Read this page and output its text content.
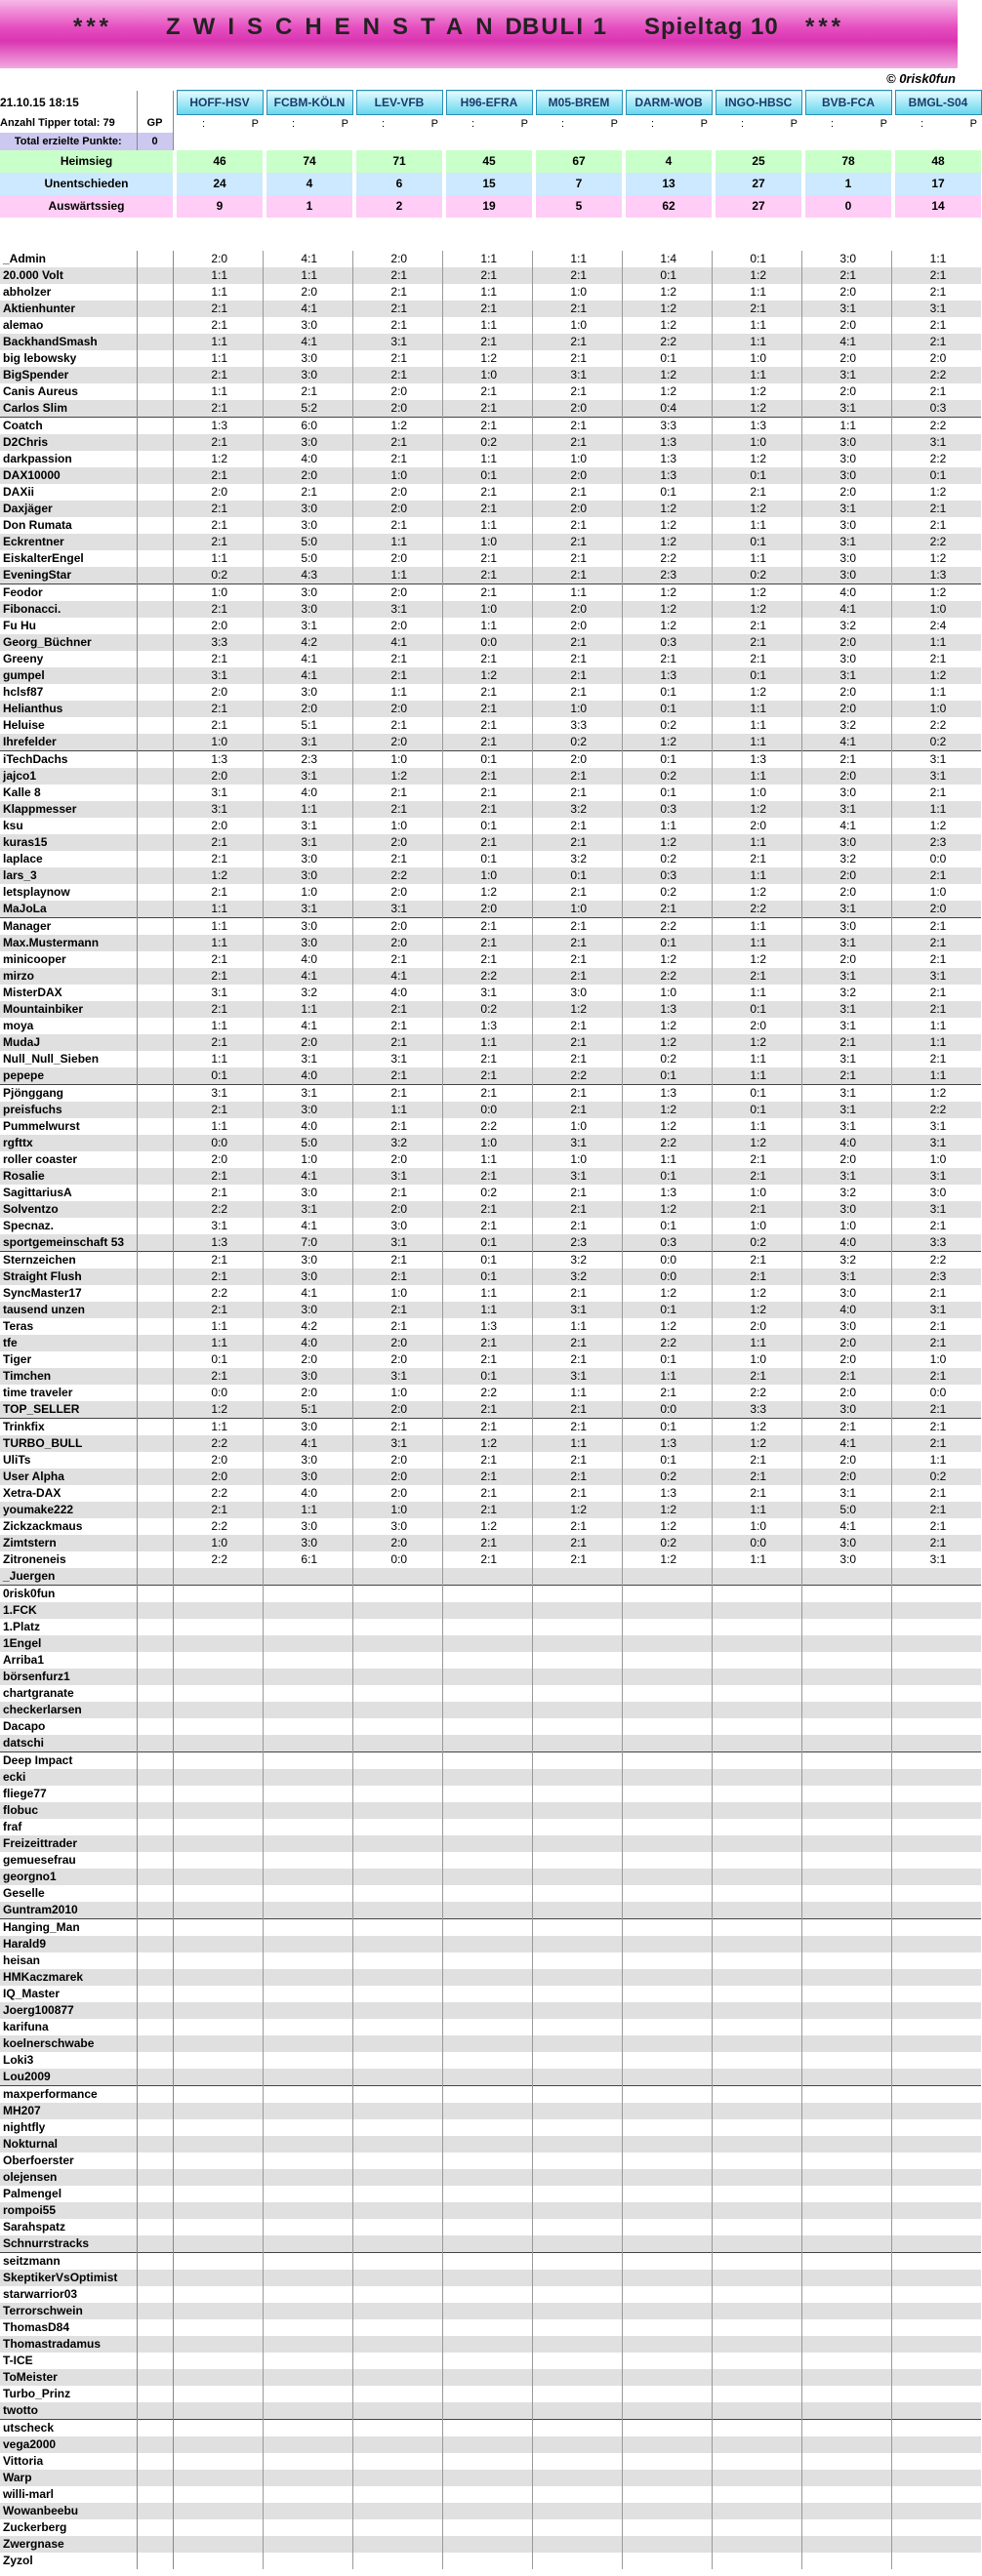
*** ZWISCHENSTAND
BULI 1 Spieltag 10 ***
© 0risk0fun
21.10.15 18:15			HOFF-HSV		FCBM-KÖLN		LEV-VFB		H96-EFRA		M05-BREM		DARM-WOB		INGO-HBSC		BVB-FCA		BMGL-S04
Anzahl Tipper total: 79	GP		: P		: P		: P		: P		: P		: P		: P		: P		: P
Total erzielte Punkte:	0																		
Heimsieg			46		74		71		45		67		4		25		78		48
Unentschieden			24		4		6		15		7		13		27		1		17
Auswärtssieg			9		1		2		19		5		62		27		0		14

_Admin			2:0		4:1		2:0		1:1		1:1		1:4		0:1		3:0		1:1
20.000 Volt			1:1		1:1		2:1		2:1		2:1		0:1		1:2		2:1		2:1
abholzer			1:1		2:0		2:1		1:1		1:0		1:2		1:1		2:0		2:1
Aktienhunter			2:1		4:1		2:1		2:1		2:1		1:2		2:1		3:1		3:1
alemao			2:1		3:0		2:1		1:1		1:0		1:2		1:1		2:0		2:1
BackhandSmash			1:1		4:1		3:1		2:1		2:1		2:2		1:1		4:1		2:1
big lebowsky			1:1		3:0		2:1		1:2		2:1		0:1		1:0		2:0		2:0
BigSpender			2:1		3:0		2:1		1:0		3:1		1:2		1:1		3:1		2:2
Canis Aureus			1:1		2:1		2:0		2:1		2:1		1:2		1:2		2:0		2:1
Carlos Slim			2:1		5:2		2:0		2:1		2:0		0:4		1:2		3:1		0:3
Coatch			1:3		6:0		1:2		2:1		2:1		3:3		1:3		1:1		2:2
D2Chris			2:1		3:0		2:1		0:2		2:1		1:3		1:0		3:0		3:1
darkpassion			1:2		4:0		2:1		1:1		1:0		1:3		1:2		3:0		2:2
DAX10000			2:1		2:0		1:0		0:1		2:0		1:3		0:1		3:0		0:1
DAXii			2:0		2:1		2:0		2:1		2:1		0:1		2:1		2:0		1:2
Daxjäger			2:1		3:0		2:0		2:1		2:0		1:2		1:2		3:1		2:1
Don Rumata			2:1		3:0		2:1		1:1		2:1		1:2		1:1		3:0		2:1
Eckrentner			2:1		5:0		1:1		1:0		2:1		1:2		0:1		3:1		2:2
EiskalterEngel			1:1		5:0		2:0		2:1		2:1		2:2		1:1		3:0		1:2
EveningStar			0:2		4:3		1:1		2:1		2:1		2:3		0:2		3:0		1:3
Feodor			1:0		3:0		2:0		2:1		1:1		1:2		1:2		4:0		1:2
Fibonacci.			2:1		3:0		3:1		1:0		2:0		1:2		1:2		4:1		1:0
Fu Hu			2:0		3:1		2:0		1:1		2:0		1:2		2:1		3:2		2:4
Georg_Büchner			3:3		4:2		4:1		0:0		2:1		0:3		2:1		2:0		1:1
Greeny			2:1		4:1		2:1		2:1		2:1		2:1		2:1		3:0		2:1
gumpel			3:1		4:1		2:1		1:2		2:1		1:3		0:1		3:1		1:2
hclsf87			2:0		3:0		1:1		2:1		2:1		0:1		1:2		2:0		1:1
Helianthus			2:1		2:0		2:0		2:1		1:0		0:1		1:1		2:0		1:0
Heluise			2:1		5:1		2:1		2:1		3:3		0:2		1:1		3:2		2:2
Ihrefelder			1:0		3:1		2:0		2:1		0:2		1:2		1:1		4:1		0:2
iTechDachs			1:3		2:3		1:0		0:1		2:0		0:1		1:3		2:1		3:1
jajco1			2:0		3:1		1:2		2:1		2:1		0:2		1:1		2:0		3:1
Kalle 8			3:1		4:0		2:1		2:1		2:1		0:1		1:0		3:0		2:1
Klappmesser			3:1		1:1		2:1		2:1		3:2		0:3		1:2		3:1		1:1
ksu			2:0		3:1		1:0		0:1		2:1		1:1		2:0		4:1		1:2
kuras15			2:1		3:1		2:0		2:1		2:1		1:2		1:1		3:0		2:3
laplace			2:1		3:0		2:1		0:1		3:2		0:2		2:1		3:2		0:0
lars_3			1:2		3:0		2:2		1:0		0:1		0:3		1:1		2:0		2:1
letsplaynow			2:1		1:0		2:0		1:2		2:1		0:2		1:2		2:0		1:0
MaJoLa			1:1		3:1		3:1		2:0		1:0		2:1		2:2		3:1		2:0
Manager			1:1		3:0		2:0		2:1		2:1		2:2		1:1		3:0		2:1
Max.Mustermann			1:1		3:0		2:0		2:1		2:1		0:1		1:1		3:1		2:1
minicooper			2:1		4:0		2:1		2:1		2:1		1:2		1:2		2:0		2:1
mirzo			2:1		4:1		4:1		2:2		2:1		2:2		2:1		3:1		3:1
MisterDAX			3:1		3:2		4:0		3:1		3:0		1:0		1:1		3:2		2:1
Mountainbiker			2:1		1:1		2:1		0:2		1:2		1:3		0:1		3:1		2:1
moya			1:1		4:1		2:1		1:3		2:1		1:2		2:0		3:1		1:1
MudaJ			2:1		2:0		2:1		1:1		2:1		1:2		1:2		2:1		1:1
Null_Null_Sieben			1:1		3:1		3:1		2:1		2:1		0:2		1:1		3:1		2:1
pepepe			0:1		4:0		2:1		2:1		2:2		0:1		1:1		2:1		1:1
Pjönggang			3:1		3:1		2:1		2:1		2:1		1:3		0:1		3:1		1:2
preisfuchs			2:1		3:0		1:1		0:0		2:1		1:2		0:1		3:1		2:2
Pummelwurst			1:1		4:0		2:1		2:2		1:0		1:2		1:1		3:1		3:1
rgfttx			0:0		5:0		3:2		1:0		3:1		2:2		1:2		4:0		3:1
roller coaster			2:0		1:0		2:0		1:1		1:0		1:1		2:1		2:0		1:0
Rosalie			2:1		4:1		3:1		2:1		3:1		0:1		2:1		3:1		3:1
SagittariusA			2:1		3:0		2:1		0:2		2:1		1:3		1:0		3:2		3:0
Solventzo			2:2		3:1		2:0		2:1		2:1		1:2		2:1		3:0		3:1
Specnaz.			3:1		4:1		3:0		2:1		2:1		0:1		1:0		1:0		2:1
sportgemeinschaft 53			1:3		7:0		3:1		0:1		2:3		0:3		0:2		4:0		3:3
Sternzeichen			2:1		3:0		2:1		0:1		3:2		0:0		2:1		3:2		2:2
Straight Flush			2:1		3:0		2:1		0:1		3:2		0:0		2:1		3:1		2:3
SyncMaster17			2:2		4:1		1:0		1:1		2:1		1:2		1:2		3:0		2:1
tausend unzen			2:1		3:0		2:1		1:1		3:1		0:1		1:2		4:0		3:1
Teras			1:1		4:2		2:1		1:3		1:1		1:2		2:0		3:0		2:1
tfe			1:1		4:0		2:0		2:1		2:1		2:2		1:1		2:0		2:1
Tiger			0:1		2:0		2:0		2:1		2:1		0:1		1:0		2:0		1:0
Timchen			2:1		3:0		3:1		0:1		3:1		1:1		2:1		2:1		2:1
time traveler			0:0		2:0		1:0		2:2		1:1		2:1		2:2		2:0		0:0
TOP_SELLER			1:2		5:1		2:0		2:1		2:1		0:0		3:3		3:0		2:1
Trinkfix			1:1		3:0		2:1		2:1		2:1		0:1		1:2		2:1		2:1
TURBO_BULL			2:2		4:1		3:1		1:2		1:1		1:3		1:2		4:1		2:1
UliTs			2:0		3:0		2:0		2:1		2:1		0:1		2:1		2:0		1:1
User Alpha			2:0		3:0		2:0		2:1		2:1		0:2		2:1		2:0		0:2
Xetra-DAX			2:2		4:0		2:0		2:1		2:1		1:3		2:1		3:1		2:1
youmake222			2:1		1:1		1:0		2:1		1:2		1:2		1:1		5:0		2:1
Zickzackmaus			2:2		3:0		3:0		1:2		2:1		1:2		1:0		4:1		2:1
Zimtstern			1:0		3:0		2:0		2:1		2:1		0:2		0:0		3:0		2:1
Zitroneneis			2:2		6:1		0:0		2:1		2:1		1:2		1:1		3:0		3:1
_Juergen																			
0risk0fun																			
1.FCK																			
1.Platz																			
1Engel																			
Arriba1																			
börsenfurz1																			
chartgranate																			
checkerlarsen																			
Dacapo																			
datschi																			
Deep Impact																			
ecki																			
fliege77																			
flobuc																			
fraf																			
Freizeittrader																			
gemuesefrau																			
georgno1																			
Geselle																			
Guntram2010																			
Hanging_Man																			
Harald9																			
heisan																			
HMKaczmarek																			
IQ_Master																			
Joerg100877																			
karifuna																			
koelnerschwabe																			
Loki3																			
Lou2009																			
maxperformance																			
MH207																			
nightfly																			
Nokturnal																			
Oberfoerster																			
olejensen																			
Palmengel																			
rompoi55																			
Sarahspatz																			
Schnurrstracks																			
seitzmann																			
SkeptikerVsOptimist																			
starwarrior03																			
Terrorschwein																			
ThomasD84																			
Thomastradamus																			
T-ICE																			
ToMeister																			
Turbo_Prinz																			
twotto																			
utscheck																			
vega2000																			
Vittoria																			
Warp																			
willi-marl																			
Wowanbeebu																			
Zuckerberg																			
Zwergnase																			
Zyzol																			
